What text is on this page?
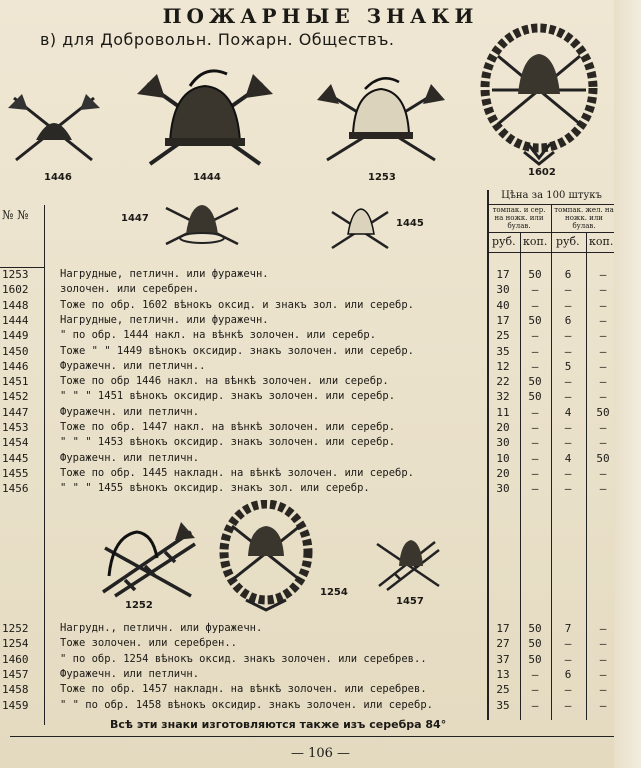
ПОЖАРНЫЕ ЗНАКИ
в) для Добровольн. Пожарн. Обществъ.
1446	1444	1253	1602
1447	1445
№ №
Цѣна за 100 штукъ
томпак. и сер. на ножк. или булав.
томпак. жел. на ножк. или булав.
руб. коп. руб. коп.
1253	Нагрудные, петличн. или фуражечн.	17	50	6	—
1602	золочен. или серебрен.	30	—	—	—
1448	Тоже по обр. 1602 вѣнокъ оксид. и знакъ зол. или серебр.	40	—	—	—
1444	Нагрудные, петличн. или фуражечн.	17	50	6	—
1449	" по обр. 1444 накл. на вѣнкѣ золочен. или серебр.	25	—	—	—
1450	Тоже " " 1449 вѣнокъ оксидир. знакъ золочен. или серебр.	35	—	—	—
1446	Фуражечн. или петличн..	12	—	5	—
1451	Тоже по обр 1446 накл. на вѣнкѣ золочен. или серебр.	22	50	—	—
1452	" " " 1451 вѣнокъ оксидир. знакъ золочен. или серебр.	32	50	—	—
1447	Фуражечн. или петличн.	11	—	4	50
1453	Тоже по обр. 1447 накл. на вѣнкѣ золочен. или серебр.	20	—	—	—
1454	" " " 1453 вѣнокъ оксидир. знакъ золочен. или серебр.	30	—	—	—
1445	Фуражечн. или петличн.	10	—	4	50
1455	Тоже по обр. 1445 накладн. на вѣнкѣ золочен. или серебр.	20	—	—	—
1456	" " " 1455 вѣнокъ оксидир. знакъ зол. или серебр.	30	—	—	—
1252
1254
1457
1252	Нагрудн., петличн. или фуражечн.	17	50	7	—
1254	Тоже золочен. или серебрен..	27	50	—	—
1460	" по обр. 1254 вѣнокъ оксид. знакъ золочен. или серебрев..	37	50	—	—
1457	Фуражечн. или петличн.	13	—	6	—
1458	Тоже по обр. 1457 накладн. на вѣнкѣ золочен. или серебрев.	25	—	—	—
1459	" " по обр. 1458 вѣнокъ оксидир. знакъ золочен. или серебр.	35	—	—	—
Всѣ эти знаки изготовляются также изъ серебра 84°
— 106 —
